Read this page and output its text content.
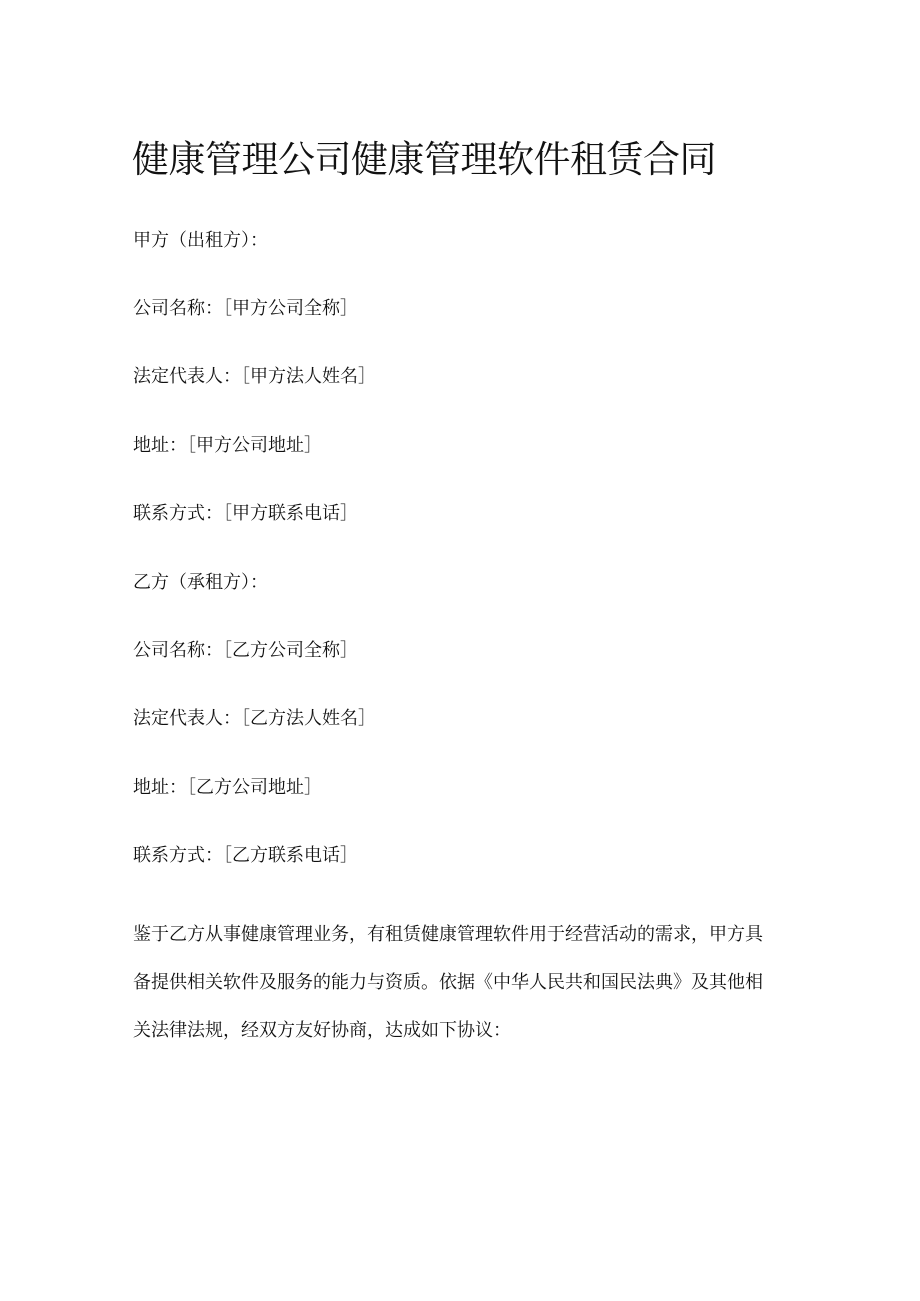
健康管理公司健康管理软件租赁合同
甲方（出租方）：
公司名称：［甲方公司全称］
法定代表人：［甲方法人姓名］
地址：［甲方公司地址］
联系方式：［甲方联系电话］
乙方（承租方）：
公司名称：［乙方公司全称］
法定代表人：［乙方法人姓名］
地址：［乙方公司地址］
联系方式：［乙方联系电话］
鉴于乙方从事健康管理业务，有租赁健康管理软件用于经营活动的需求，甲方具
备提供相关软件及服务的能力与资质。依据《中华人民共和国民法典》及其他相
关法律法规，经双方友好协商，达成如下协议：
